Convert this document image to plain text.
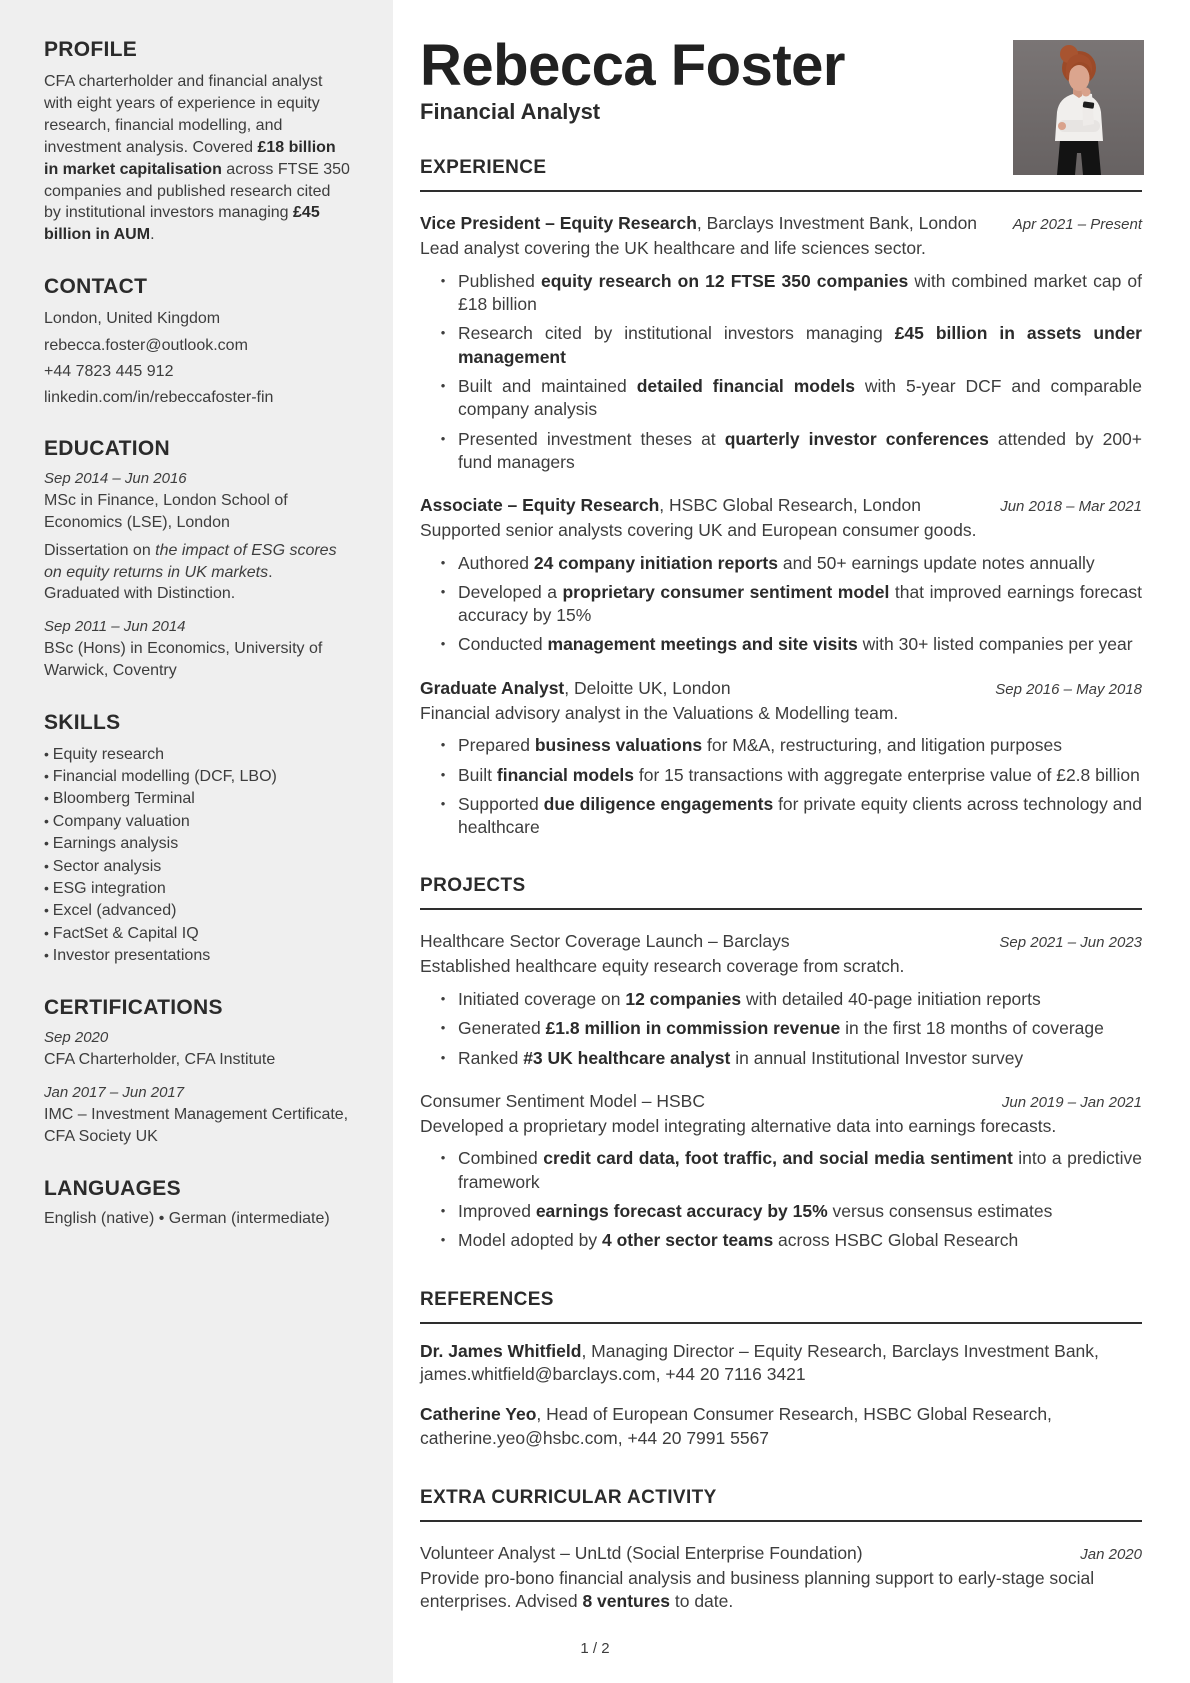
PROFILE

CFA charterholder and financial analyst with eight years of experience in equity research, financial modelling, and investment analysis. Covered £18 billion in market capitalisation across FTSE 350 companies and published research cited by institutional investors managing £45 billion in AUM.

CONTACT
London, United Kingdom
rebecca.foster@outlook.com
+44 7823 445 912
linkedin.com/in/rebeccafoster-fin
EDUCATION
Sep 2014 – Jun 2016

MSc in Finance, London School of Economics (LSE), London

Dissertation on the impact of ESG scores on equity returns in UK markets. Graduated with Distinction.

Sep 2011 – Jun 2014

BSc (Hons) in Economics, University of Warwick, Coventry

SKILLS
• Equity research
• Financial modelling (DCF, LBO)
• Bloomberg Terminal
• Company valuation
• Earnings analysis
• Sector analysis
• ESG integration
• Excel (advanced)
• FactSet & Capital IQ
• Investor presentations
CERTIFICATIONS
Sep 2020

CFA Charterholder, CFA Institute

Jan 2017 – Jun 2017

IMC – Investment Management Certificate, CFA Society UK

LANGUAGES
English (native) • German (intermediate)
Rebecca Foster
Financial Analyst
EXPERIENCE
Vice President – Equity Research, Barclays Investment Bank, London Apr 2021 – Present
Lead analyst covering the UK healthcare and life sciences sector.
• Published equity research on 12 FTSE 350 companies with combined market cap of £18 billion
• Research cited by institutional investors managing £45 billion in assets under management
• Built and maintained detailed financial models with 5-year DCF and comparable company analysis
• Presented investment theses at quarterly investor conferences attended by 200+ fund managers
Associate – Equity Research, HSBC Global Research, London	Jun 2018 – Mar 2021
Supported senior analysts covering UK and European consumer goods.
• Authored 24 company initiation reports and 50+ earnings update notes annually
• Developed a proprietary consumer sentiment model that improved earnings forecast accuracy by 15%
• Conducted management meetings and site visits with 30+ listed companies per year
Graduate Analyst, Deloitte UK, London	Sep 2016 – May 2018
Financial advisory analyst in the Valuations & Modelling team.
• Prepared business valuations for M&A, restructuring, and litigation purposes
• Built financial models for 15 transactions with aggregate enterprise value of £2.8 billion
• Supported due diligence engagements for private equity clients across technology and healthcare
PROJECTS
Healthcare Sector Coverage Launch – Barclays	Sep 2021 – Jun 2023
Established healthcare equity research coverage from scratch.
• Initiated coverage on 12 companies with detailed 40-page initiation reports
• Generated £1.8 million in commission revenue in the first 18 months of coverage
• Ranked #3 UK healthcare analyst in annual Institutional Investor survey
Consumer Sentiment Model – HSBC	Jun 2019 – Jan 2021
Developed a proprietary model integrating alternative data into earnings forecasts.
• Combined credit card data, foot traffic, and social media sentiment into a predictive framework
• Improved earnings forecast accuracy by 15% versus consensus estimates
• Model adopted by 4 other sector teams across HSBC Global Research
REFERENCES
Dr. James Whitfield, Managing Director – Equity Research, Barclays Investment Bank, james.whitfield@barclays.com, +44 20 7116 3421
Catherine Yeo, Head of European Consumer Research, HSBC Global Research, catherine.yeo@hsbc.com, +44 20 7991 5567
EXTRA CURRICULAR ACTIVITY
Volunteer Analyst – UnLtd (Social Enterprise Foundation)	Jan 2020
Provide pro-bono financial analysis and business planning support to early-stage social enterprises. Advised 8 ventures to date.
1 / 2
